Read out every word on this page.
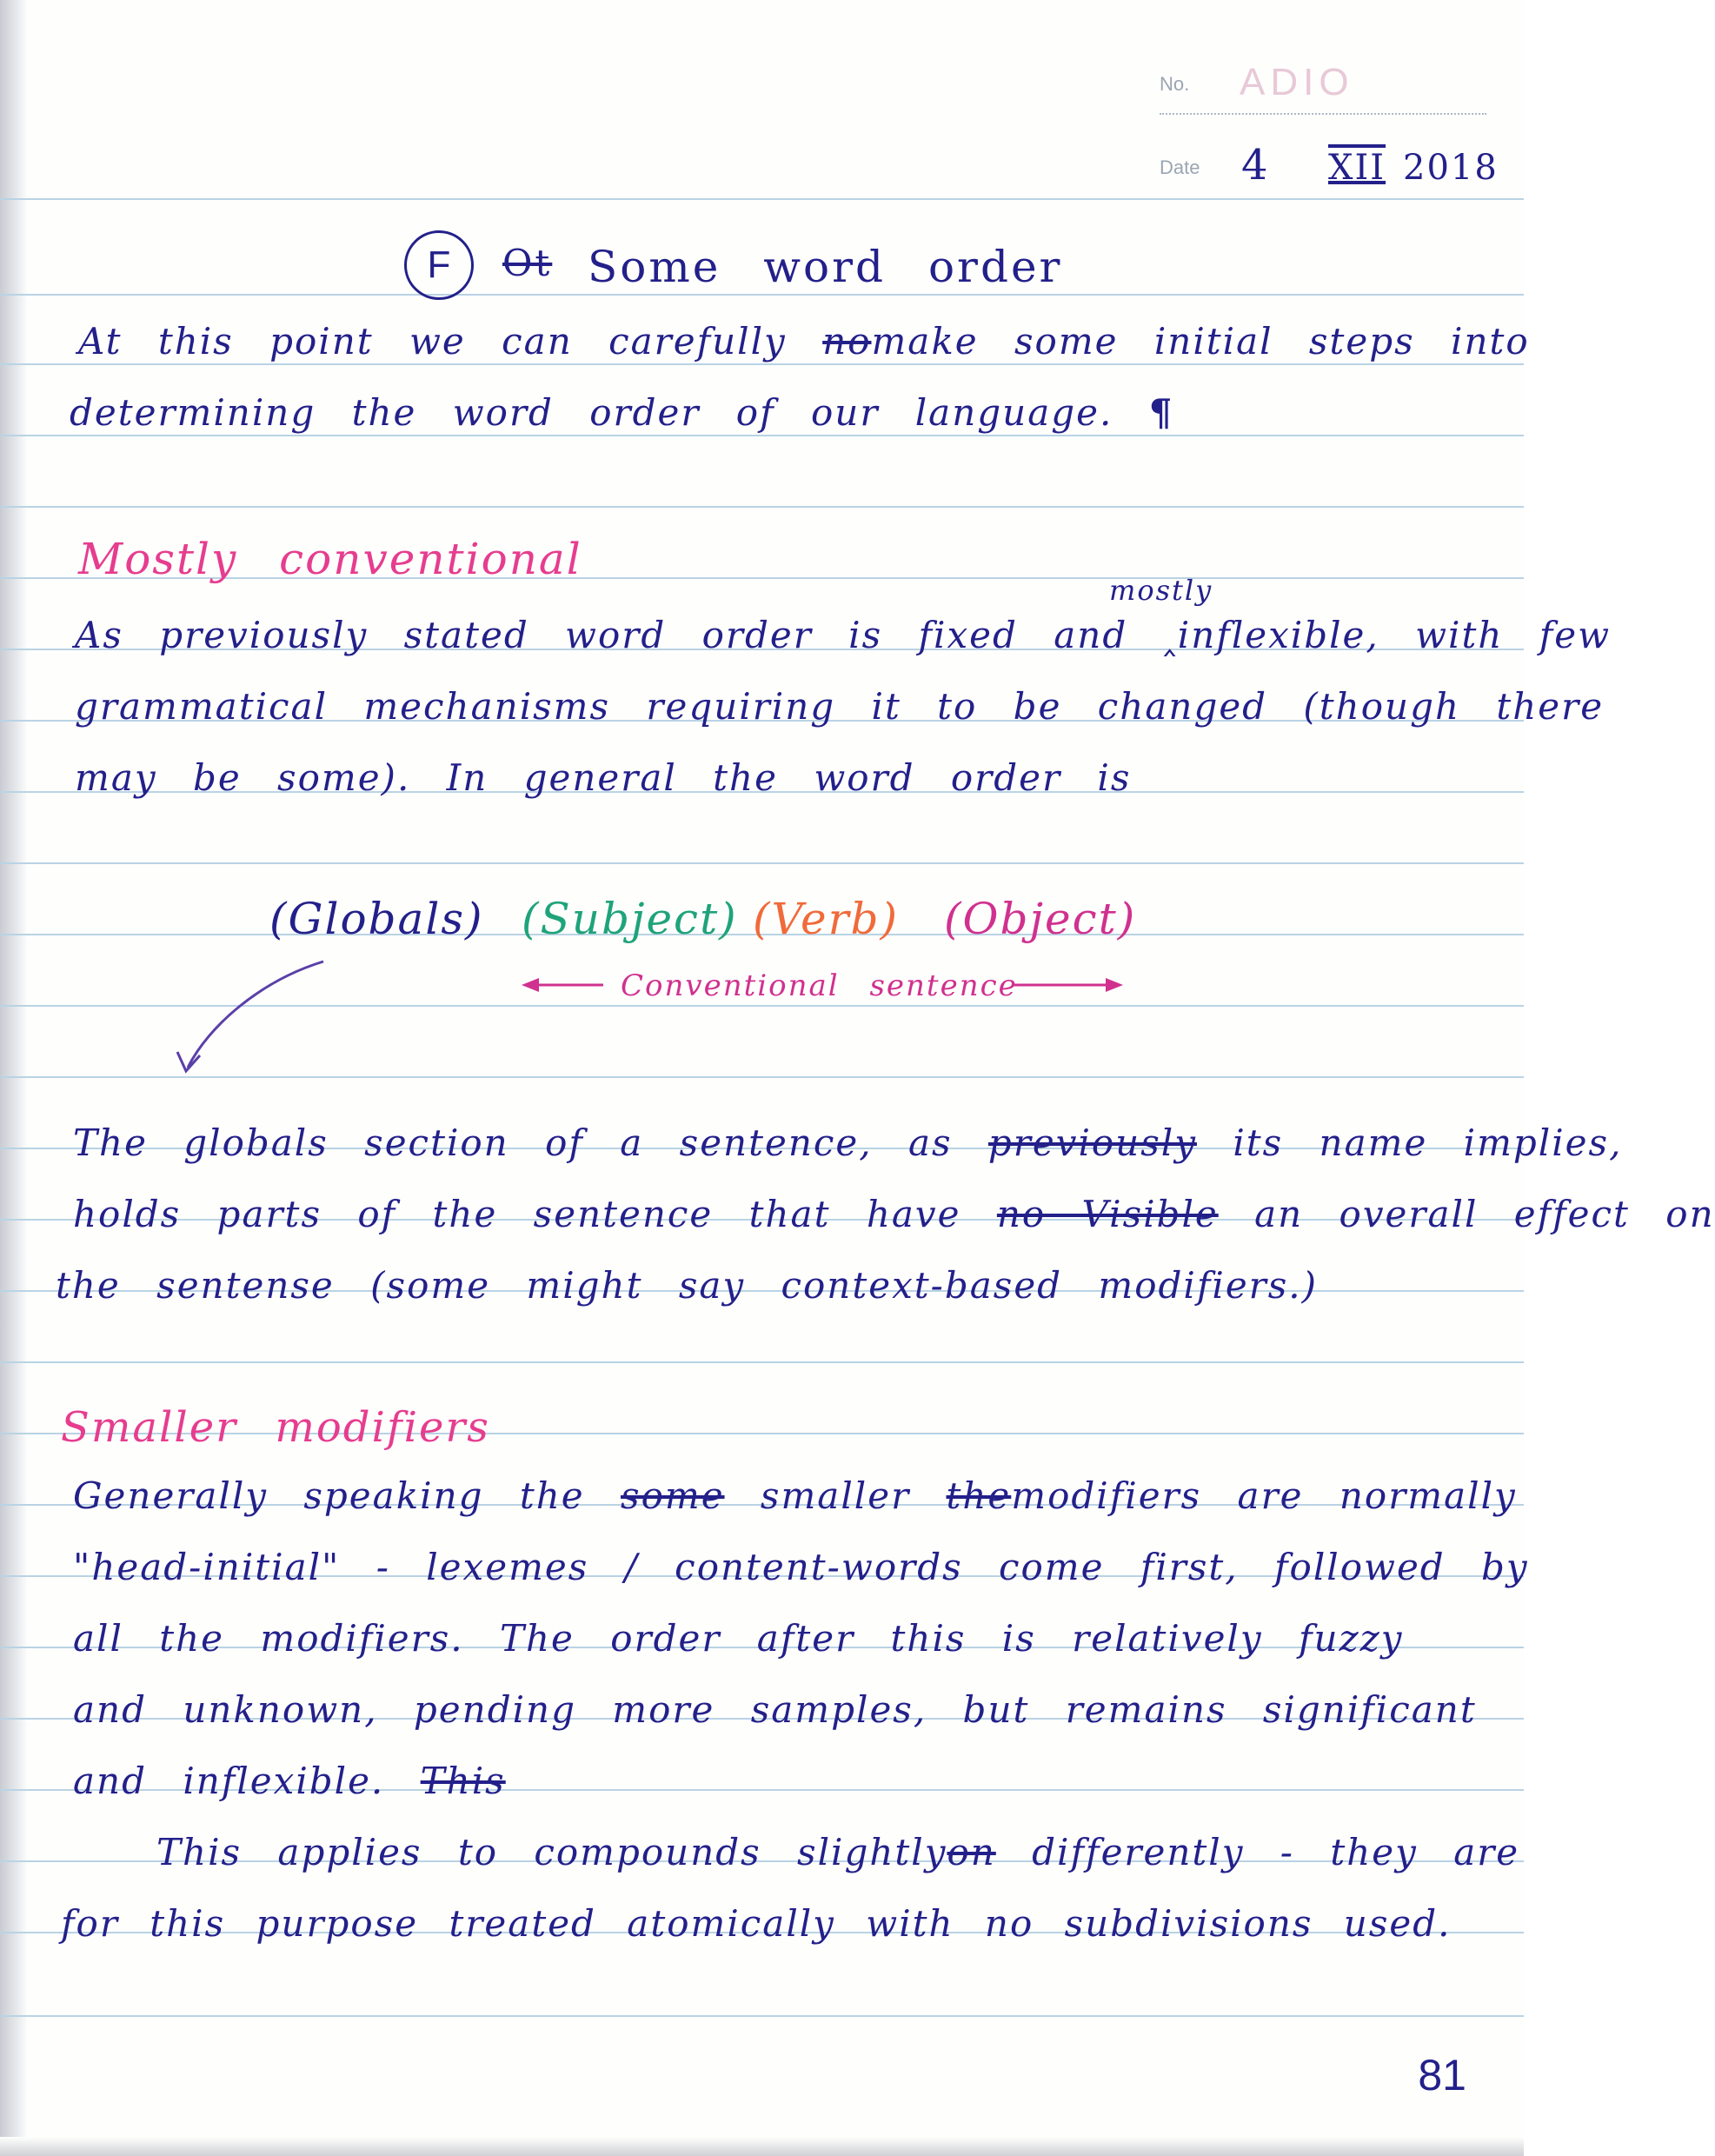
No. ADIO
Date 4 XII 2018
F Ot Some word order
At this point we can carefully nomake some initial steps into
determining the word order of our language. ¶
Mostly conventional
mostly
As previously stated word order is fixed and ‸inflexible, with few
grammatical mechanisms requiring it to be changed (though there
may be some). In general the word order is
(Globals) (Subject) (Verb) (Object)
Conventional sentence
The globals section of a sentence, as previously its name implies,
holds parts of the sentence that have no Visible an overall effect on
the sentense (some might say context-based modifiers.)
Smaller modifiers
Generally speaking the some smaller themodifiers are normally
"head-initial" - lexemes / content-words come first, followed by
all the modifiers. The order after this is relatively fuzzy
and unknown, pending more samples, but remains significant
and inflexible. This
This applies to compounds slightlyon differently - they are
for this purpose treated atomically with no subdivisions used.
81
